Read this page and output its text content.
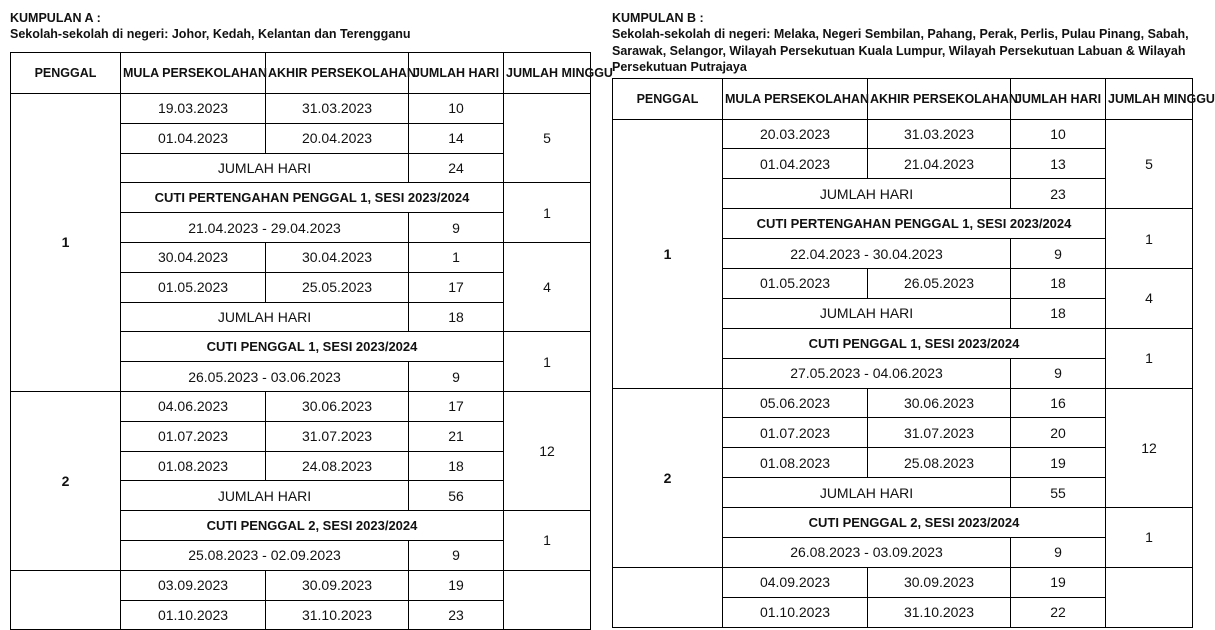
KUMPULAN A :

Sekolah-sekolah di negeri: Johor, Kedah, Kelantan dan Terengganu

PENGGAL	MULA PERSEKOLAHAN	AKHIR PERSEKOLAHAN	JUMLAH HARI	JUMLAH MINGGU
1	19.03.2023	31.03.2023	10	5
	01.04.2023	20.04.2023	14	
	JUMLAH HARI		24	
	CUTI PERTENGAHAN PENGGAL 1, SESI 2023/2024			1
	21.04.2023 - 29.04.2023		9	
	30.04.2023	30.04.2023	1	4
	01.05.2023	25.05.2023	17	
	JUMLAH HARI		18	
	CUTI PENGGAL 1, SESI 2023/2024			1
	26.05.2023 - 03.06.2023		9	
2	04.06.2023	30.06.2023	17	12
	01.07.2023	31.07.2023	21	
	01.08.2023	24.08.2023	18	
	JUMLAH HARI		56	
	CUTI PENGGAL 2, SESI 2023/2024			1
	25.08.2023 - 02.09.2023		9	
	03.09.2023	30.09.2023	19	
	01.10.2023	31.10.2023	23	

KUMPULAN B :

Sekolah-sekolah di negeri: Melaka, Negeri Sembilan, Pahang, Perak, Perlis, Pulau Pinang, Sabah, Sarawak, Selangor, Wilayah Persekutuan Kuala Lumpur, Wilayah Persekutuan Labuan & Wilayah Persekutuan Putrajaya

PENGGAL	MULA PERSEKOLAHAN	AKHIR PERSEKOLAHAN	JUMLAH HARI	JUMLAH MINGGU
1	20.03.2023	31.03.2023	10	5
	01.04.2023	21.04.2023	13	
	JUMLAH HARI		23	
	CUTI PERTENGAHAN PENGGAL 1, SESI 2023/2024			1
	22.04.2023 - 30.04.2023		9	
	01.05.2023	26.05.2023	18	4
	JUMLAH HARI		18	
	CUTI PENGGAL 1, SESI 2023/2024			1
	27.05.2023 - 04.06.2023		9	
2	05.06.2023	30.06.2023	16	12
	01.07.2023	31.07.2023	20	
	01.08.2023	25.08.2023	19	
	JUMLAH HARI		55	
	CUTI PENGGAL 2, SESI 2023/2024			1
	26.08.2023 - 03.09.2023		9	
	04.09.2023	30.09.2023	19	
	01.10.2023	31.10.2023	22	
